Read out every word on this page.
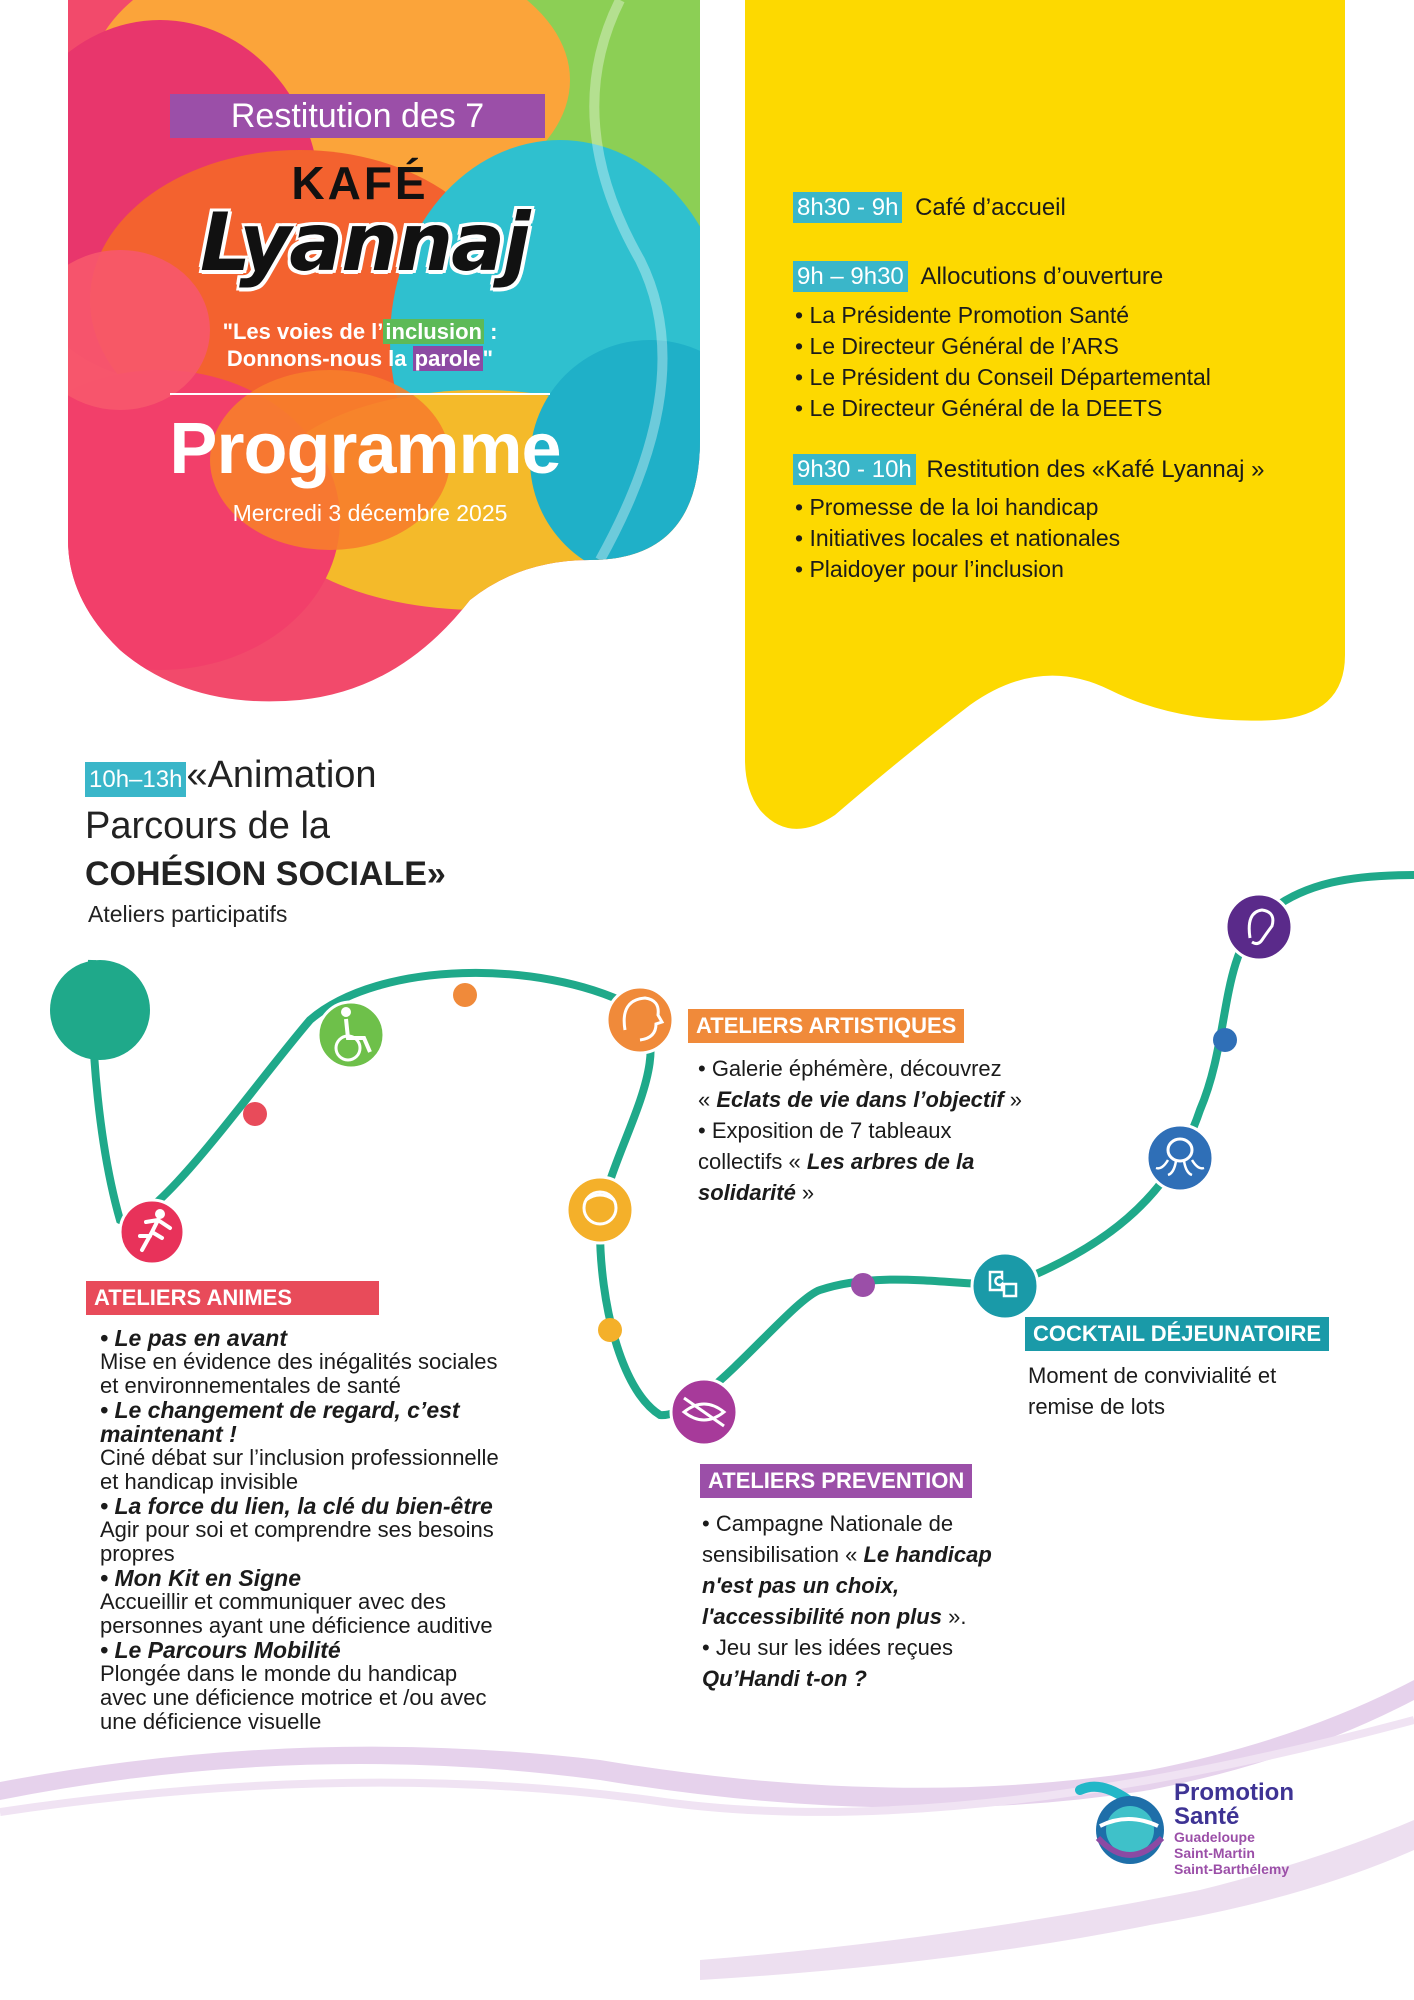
Restitution des 7
KAFÉ
Lyannaj
"Les voies de l’inclusion :
Donnons-nous la parole"
Programme
Mercredi 3 décembre 2025
8h30 - 9h Café d’accueil
9h – 9h30 Allocutions d’ouverture
• La Présidente Promotion Santé
• Le Directeur Général de l’ARS
• Le Président du Conseil Départemental
• Le Directeur Général de la DEETS
9h30 - 10h Restitution des «Kafé Lyannaj »
• Promesse de la loi handicap
• Initiatives locales et nationales
• Plaidoyer pour l’inclusion
10h–13h «Animation
Parcours de la
COHÉSION SOCIALE»
Ateliers participatifs
ATELIERS ARTISTIQUES
• Galerie éphémère, découvrez
« Eclats de vie dans l’objectif »
• Exposition de 7 tableaux
collectifs « Les arbres de la
solidarité »
ATELIERS ANIMES
• Le pas en avant
Mise en évidence des inégalités sociales
et environnementales de santé
• Le changement de regard, c’est
maintenant !
Ciné débat sur l’inclusion professionnelle
et handicap invisible
• La force du lien, la clé du bien-être
Agir pour soi et comprendre ses besoins
propres
• Mon Kit en Signe
Accueillir et communiquer avec des
personnes ayant une déficience auditive
• Le Parcours Mobilité
Plongée dans le monde du handicap
avec une déficience motrice et /ou avec
une déficience visuelle
ATELIERS PREVENTION
• Campagne Nationale de
sensibilisation « Le handicap
n'est pas un choix,
l'accessibilité non plus ».
• Jeu sur les idées reçues
Qu’Handi t-on ?
COCKTAIL DÉJEUNATOIRE
Moment de convivialité et
remise de lots
Promotion
Santé
Guadeloupe
Saint-Martin
Saint-Barthélemy
